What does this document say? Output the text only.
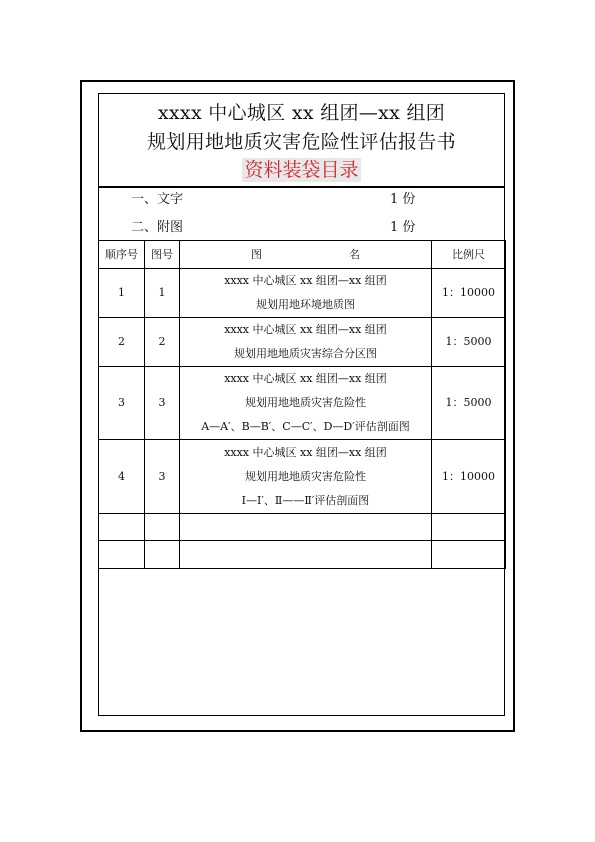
xxxx 中心城区 xx 组团—xx 组团
规划用地地质灾害危险性评估报告书
资料装袋目录
一、文字	1 份
二、附图	1 份
顺序号	图号	图 名	比例尺
1	1	xxxx 中心城区 xx 组团—xx 组团
规划用地环境地质图	1：10000
2	2	xxxx 中心城区 xx 组团—xx 组团
规划用地地质灾害综合分区图	1：5000
3	3	xxxx 中心城区 xx 组团—xx 组团
规划用地地质灾害危险性
A—A′、B—B′、C—C′、D—D′评估剖面图	1：5000
4	3	xxxx 中心城区 xx 组团—xx 组团
规划用地地质灾害危险性
Ⅰ—Ⅰ′、Ⅱ——Ⅱ′评估剖面图	1：10000
